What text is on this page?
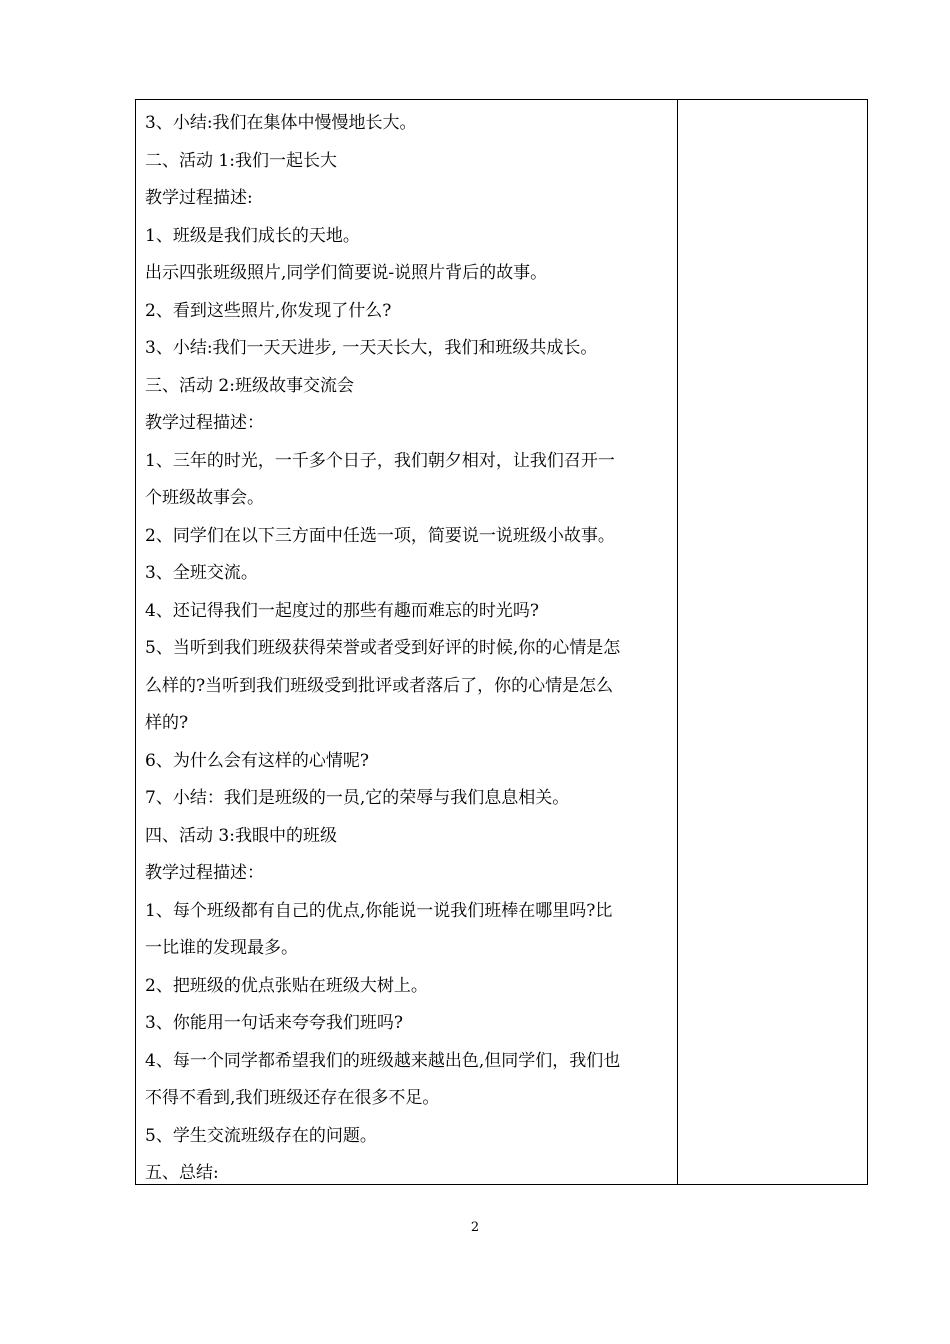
3、小结:我们在集体中慢慢地长大。
二、活动 1:我们一起长大
教学过程描述:
1、班级是我们成长的天地。
出示四张班级照片,同学们简要说-说照片背后的故事。
2、看到这些照片,你发现了什么?
3、小结:我们一天天进步, 一天天长大，我们和班级共成长。
三、活动 2:班级故事交流会
教学过程描述：
1、三年的时光，一千多个日子，我们朝夕相对，让我们召开一
个班级故事会。
2、同学们在以下三方面中任选一项，简要说一说班级小故事。
3、全班交流。
4、还记得我们一起度过的那些有趣而难忘的时光吗?
5、当听到我们班级获得荣誉或者受到好评的时候,你的心情是怎
么样的?当听到我们班级受到批评或者落后了，你的心情是怎么
样的?
6、为什么会有这样的心情呢?
7、小结：我们是班级的一员,它的荣辱与我们息息相关。
四、活动 3:我眼中的班级
教学过程描述：
1、每个班级都有自己的优点,你能说一说我们班棒在哪里吗?比
一比谁的发现最多。
2、把班级的优点张贴在班级大树上。
3、你能用一句话来夸夸我们班吗?
4、每一个同学都希望我们的班级越来越出色,但同学们，我们也
不得不看到,我们班级还存在很多不足。
5、学生交流班级存在的问题。
五、总结:
2
